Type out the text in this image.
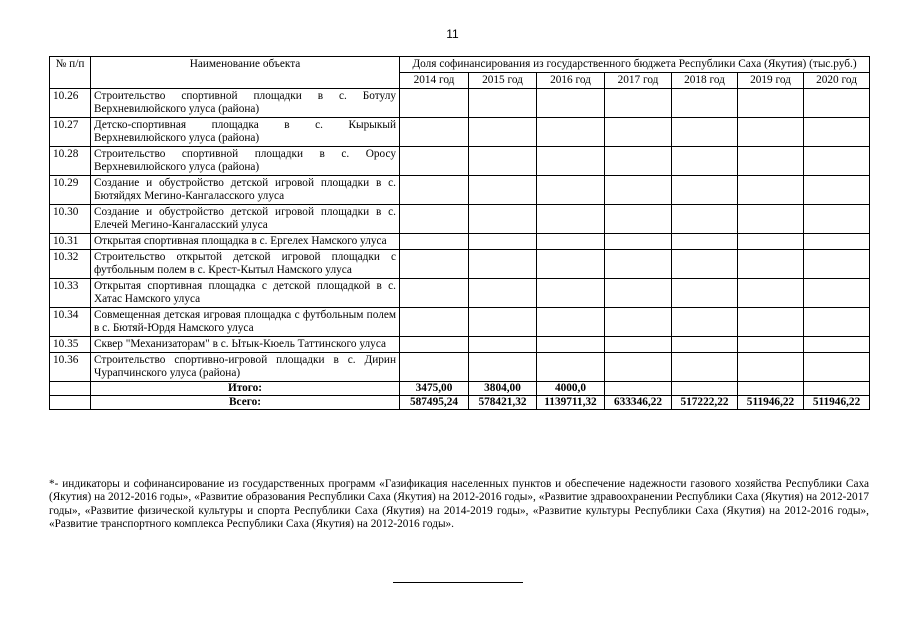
11
№ п/п	Наименование объекта	Доля софинансирования из государственного бюджета Республики Саха (Якутия) (тыс.руб.)						
		2014 год	2015 год	2016 год	2017 год	2018 год	2019 год	2020 год
10.26	Строительство спортивной площадки в с. Ботулу Верхневилюйского улуса (района)							
10.27	Детско-спортивная площадка в с. Кырыкый Верхневилюйского улуса (района)							
10.28	Строительство спортивной площадки в с. Оросу Верхневилюйского улуса (района)							
10.29	Создание и обустройство детской игровой площадки в с. Бютяйдях Мегино-Кангаласского улуса							
10.30	Создание и обустройство детской игровой площадки в с. Елечей Мегино-Кангаласский улуса							
10.31	Открытая спортивная площадка в с. Ергелех Намского улуса							
10.32	Строительство открытой детской игровой площадки с футбольным полем в с. Крест-Кытыл Намского улуса							
10.33	Открытая спортивная площадка с детской площадкой в с. Хатас Намского улуса							
10.34	Совмещенная детская игровая площадка с футбольным полем в с. Бютяй-Юрдя Намского улуса							
10.35	Сквер "Механизаторам" в с. Ытык-Кюель Таттинского улуса							
10.36	Строительство спортивно-игровой площадки в с. Дирин Чурапчинского улуса (района)							
	Итого:	3475,00	3804,00	4000,0				
	Всего:	587495,24	578421,32	1139711,32	633346,22	517222,22	511946,22	511946,22
*- индикаторы и софинансирование из государственных программ «Газификация населенных пунктов и обеспечение надежности газового хозяйства Республики Саха (Якутия) на 2012-2016 годы», «Развитие образования Республики Саха (Якутия) на 2012-2016 годы», «Развитие здравоохранении Республики Саха (Якутия) на 2012-2017 годы», «Развитие физической культуры и спорта Республики Саха (Якутия) на 2014-2019 годы», «Развитие культуры Республики Саха (Якутия) на 2012-2016 годы», «Развитие транспортного комплекса Республики Саха (Якутия) на 2012-2016 годы».
